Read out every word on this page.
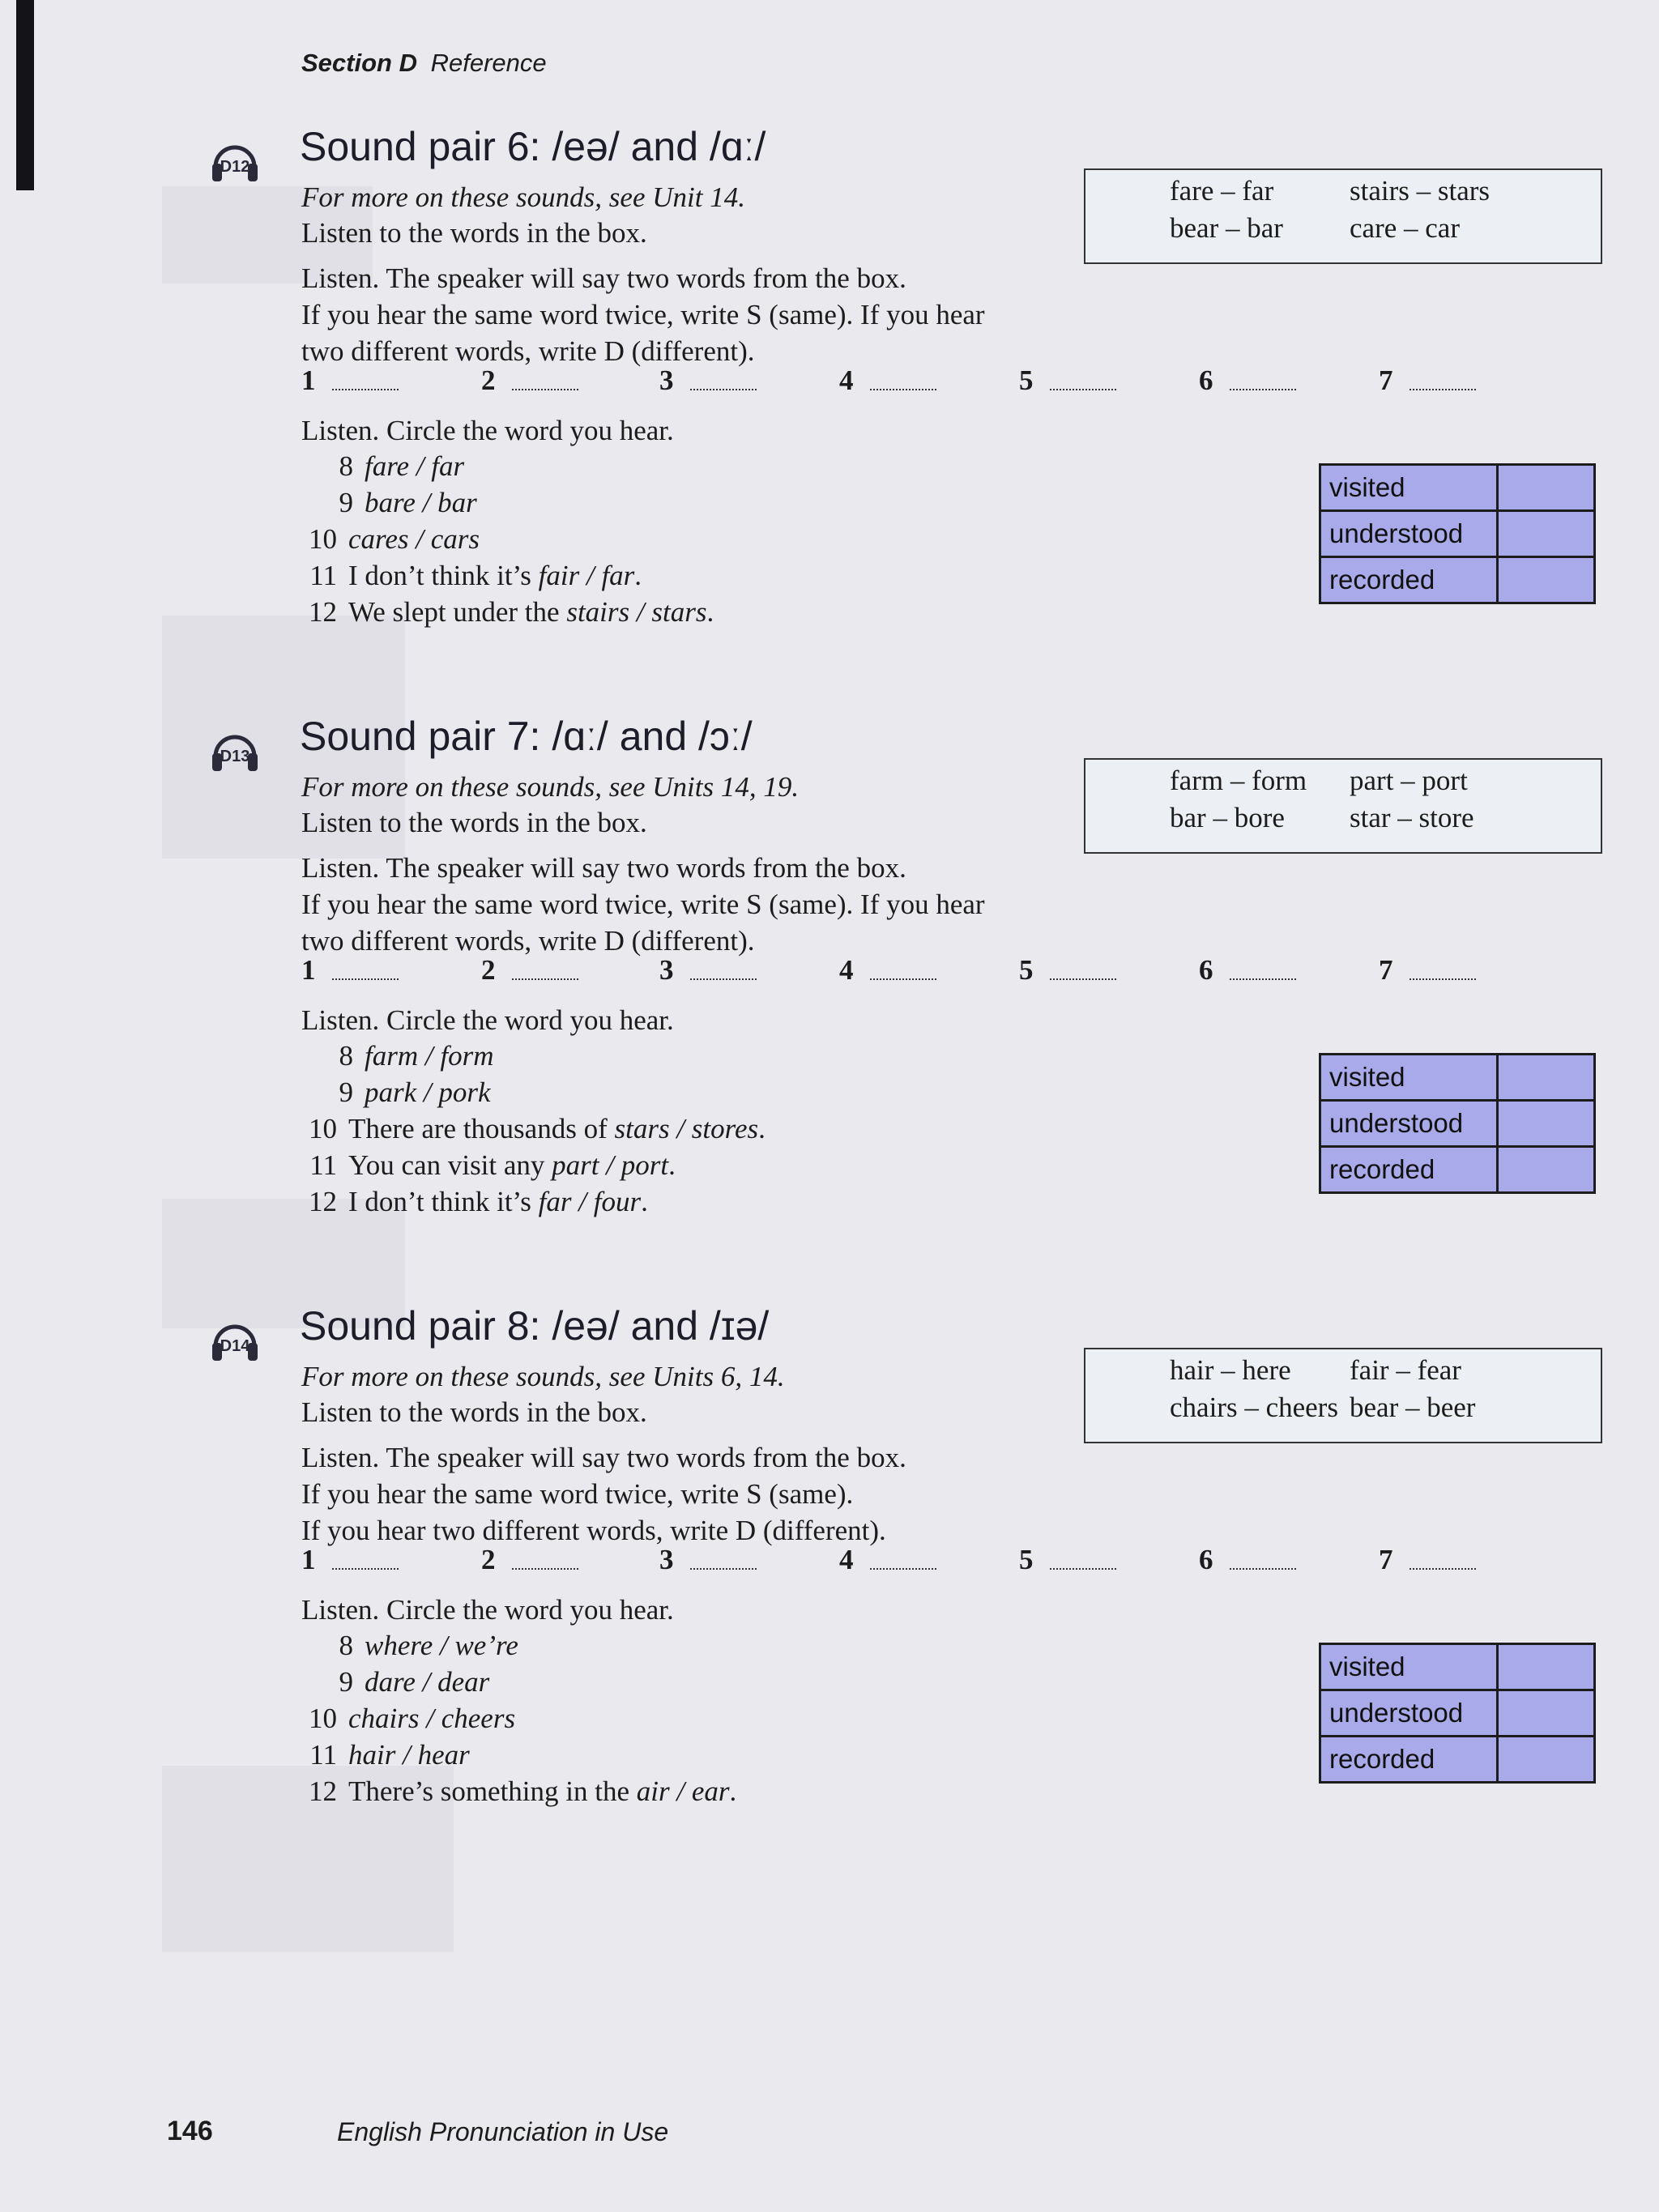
Section D Reference
D12 Sound pair 6: /eə/ and /ɑː/
For more on these sounds, see Unit 14.
Listen to the words in the box.
Listen. The speaker will say two words from the box.
If you hear the same word twice, write S (same). If you hear
two different words, write D (different).
fare – far	stairs – stars
bear – bar care – car
1	2	3	4	5	6	7
Listen. Circle the word you hear.
8 fare / far
9 bare / bar
10 cares / cars
11 I don’t think it’s fair / far.
12 We slept under the stairs / stars.
visited	
understood	
recorded	
D13 Sound pair 7: /ɑː/ and /ɔː/
For more on these sounds, see Units 14, 19.
Listen to the words in the box.
Listen. The speaker will say two words from the box.
If you hear the same word twice, write S (same). If you hear
two different words, write D (different).
farm – form part – port
bar – bore star – store
1	2	3	4	5	6	7
Listen. Circle the word you hear.
8 farm / form
9 park / pork
10 There are thousands of stars / stores.
11 You can visit any part / port.
12 I don’t think it’s far / four.
visited	
understood	
recorded	
D14 Sound pair 8: /eə/ and /ɪə/
For more on these sounds, see Units 6, 14.
Listen to the words in the box.
Listen. The speaker will say two words from the box.
If you hear the same word twice, write S (same).
If you hear two different words, write D (different).
hair – here fair – fear
chairs – cheers bear – beer
1	2	3	4	5	6	7
Listen. Circle the word you hear.
8 where / we’re
9 dare / dear
10 chairs / cheers
11 hair / hear
12 There’s something in the air / ear.
visited	
understood	
recorded	
146	English Pronunciation in Use
